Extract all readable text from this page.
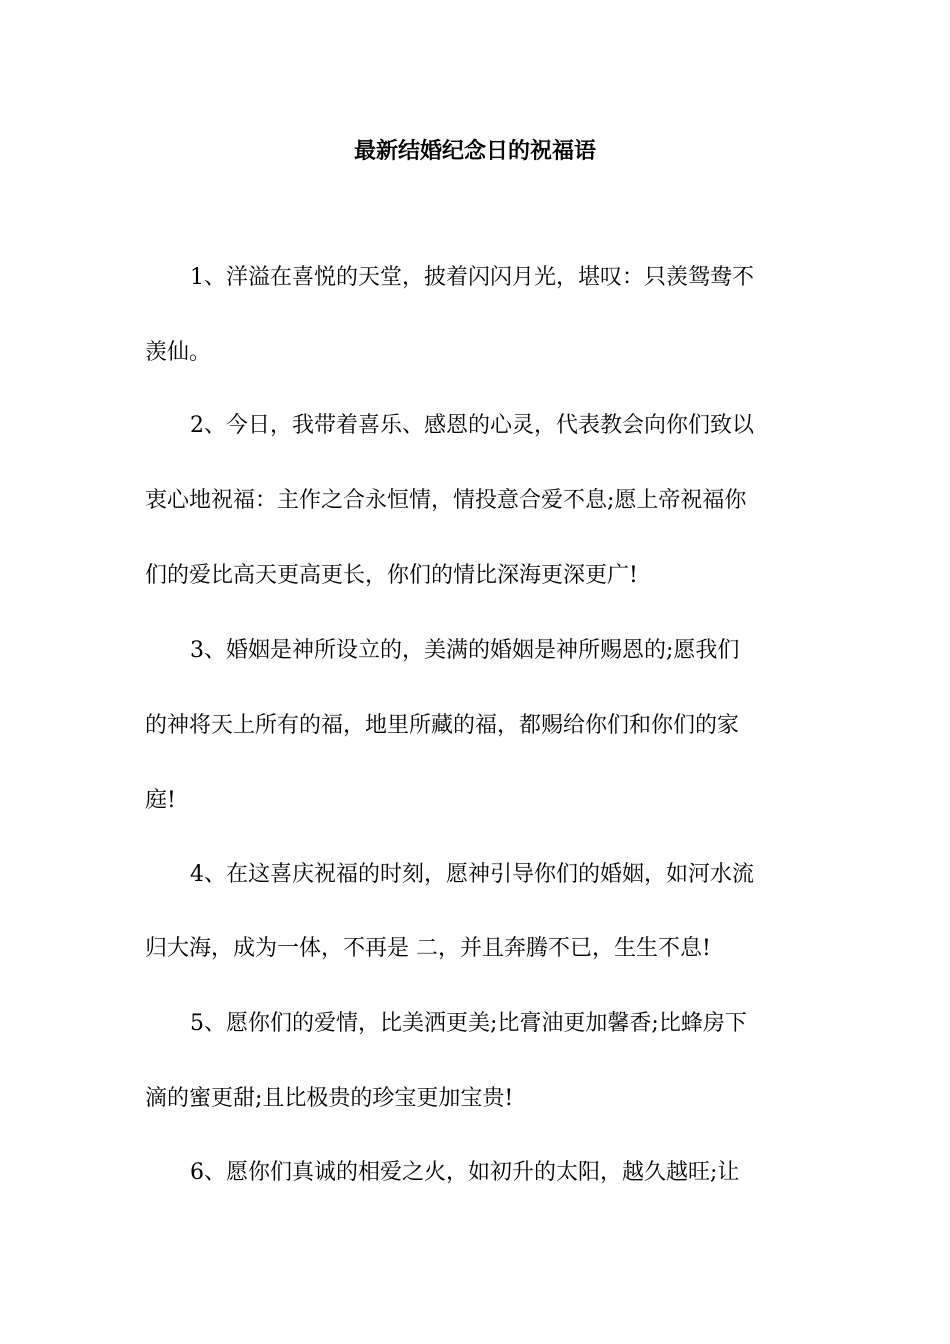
最新结婚纪念日的祝福语

1、洋溢在喜悦的天堂，披着闪闪月光，堪叹：只羡鸳鸯不

羡仙。

2、今日，我带着喜乐、感恩的心灵，代表教会向你们致以

衷心地祝福：主作之合永恒情，情投意合爱不息;愿上帝祝福你

们的爱比高天更高更长，你们的情比深海更深更广!

3、婚姻是神所设立的，美满的婚姻是神所赐恩的;愿我们

的神将天上所有的福，地里所藏的福，都赐给你们和你们的家

庭!

4、在这喜庆祝福的时刻，愿神引导你们的婚姻，如河水流

归大海，成为一体，不再是 二，并且奔腾不已，生生不息!

5、愿你们的爱情，比美洒更美;比膏油更加馨香;比蜂房下

滴的蜜更甜;且比极贵的珍宝更加宝贵!

6、愿你们真诚的相爱之火，如初升的太阳，越久越旺;让
